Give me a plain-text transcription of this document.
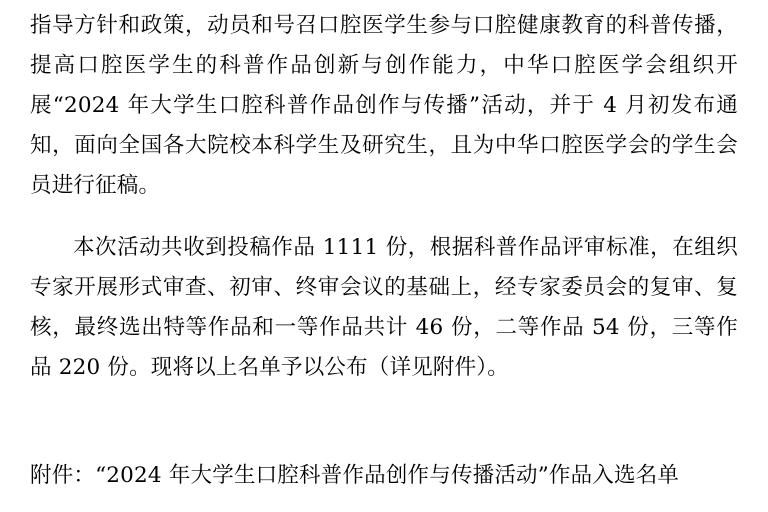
指导方针和政策，动员和号召口腔医学生参与口腔健康教育的科普传播，提高口腔医学生的科普作品创新与创作能力，中华口腔医学会组织开展“2024 年大学生口腔科普作品创作与传播”活动，并于 4 月初发布通知，面向全国各大院校本科学生及研究生，且为中华口腔医学会的学生会员进行征稿。

本次活动共收到投稿作品 1111 份，根据科普作品评审标准，在组织专家开展形式审查、初审、终审会议的基础上，经专家委员会的复审、复核，最终选出特等作品和一等作品共计 46 份，二等作品 54 份，三等作品 220 份。现将以上名单予以公布（详见附件）。

附件：“2024 年大学生口腔科普作品创作与传播活动”作品入选名单
